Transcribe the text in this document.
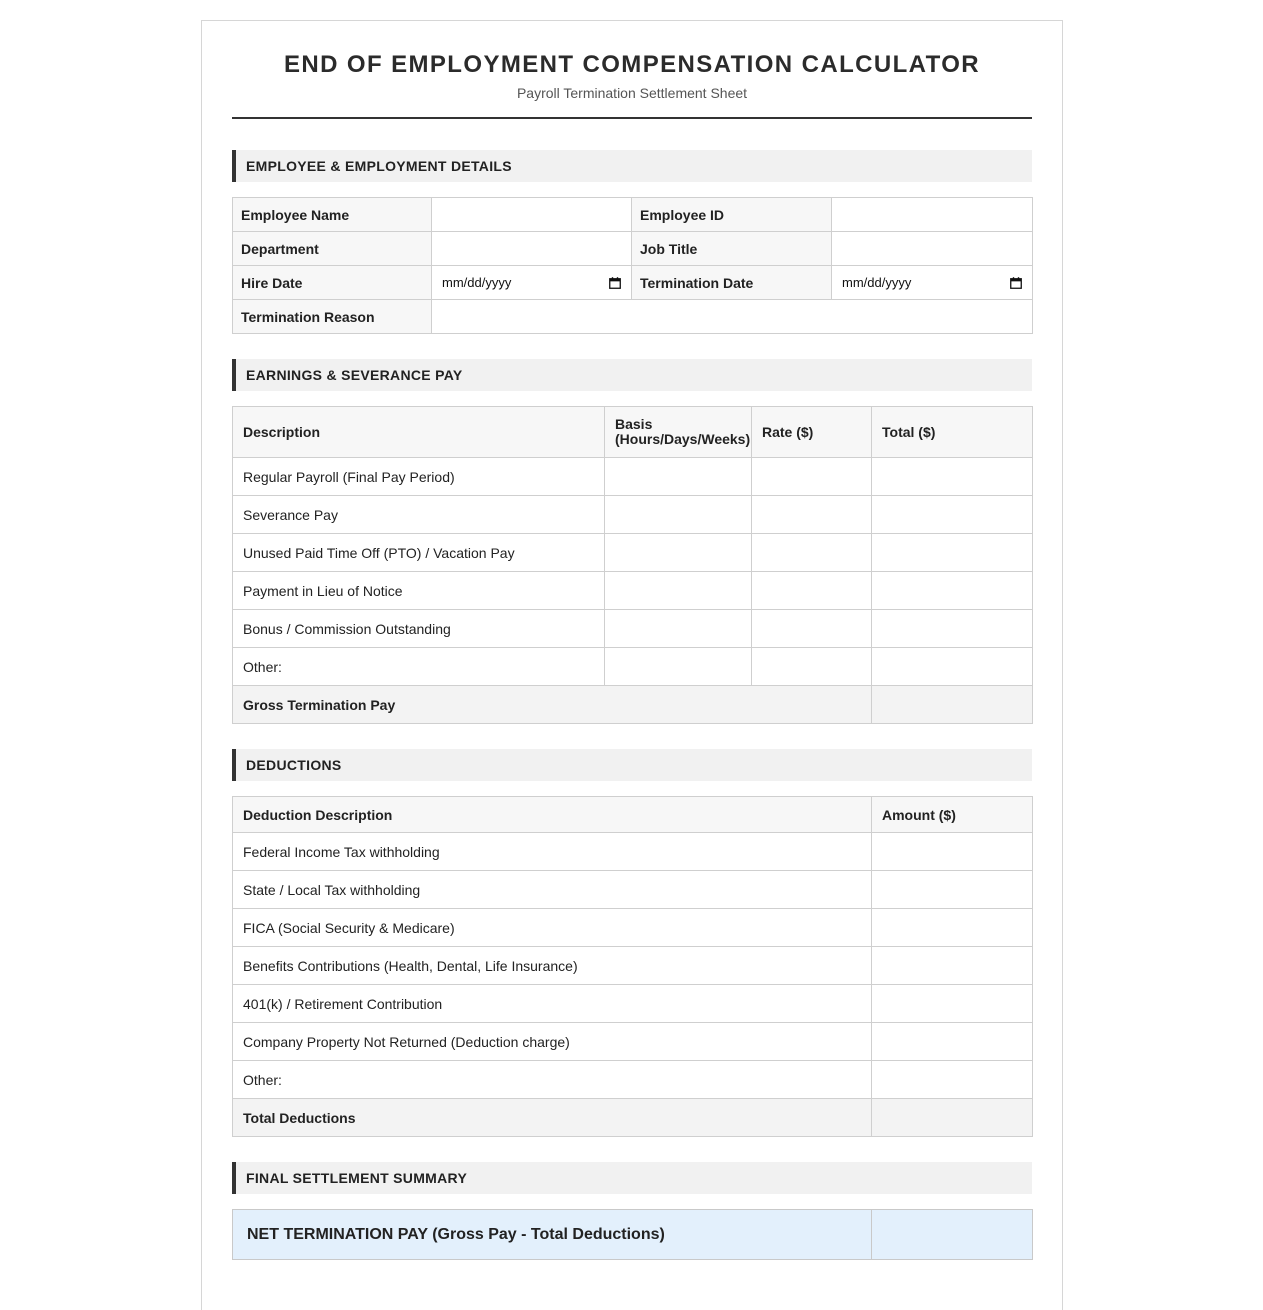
END OF EMPLOYMENT COMPENSATION CALCULATOR
Payroll Termination Settlement Sheet
EMPLOYEE & EMPLOYMENT DETAILS
Employee Name		Employee ID	
Department		Job Title	
Hire Date	mm/dd/yyyy	Termination Date	mm/dd/yyyy

Termination Reason			
EARNINGS & SEVERANCE PAY
Description	Basis (Hours/Days/Weeks)	Rate ($)	Total ($)
Regular Payroll (Final Pay Period)			
Severance Pay			
Unused Paid Time Off (PTO) / Vacation Pay			
Payment in Lieu of Notice			
Bonus / Commission Outstanding			
Other:			
Gross Termination Pay			
DEDUCTIONS
Deduction Description	Amount ($)
Federal Income Tax withholding	
State / Local Tax withholding	
FICA (Social Security & Medicare)	
Benefits Contributions (Health, Dental, Life Insurance)	
401(k) / Retirement Contribution	
Company Property Not Returned (Deduction charge)	
Other:	
Total Deductions	
FINAL SETTLEMENT SUMMARY
NET TERMINATION PAY (Gross Pay - Total Deductions)	
